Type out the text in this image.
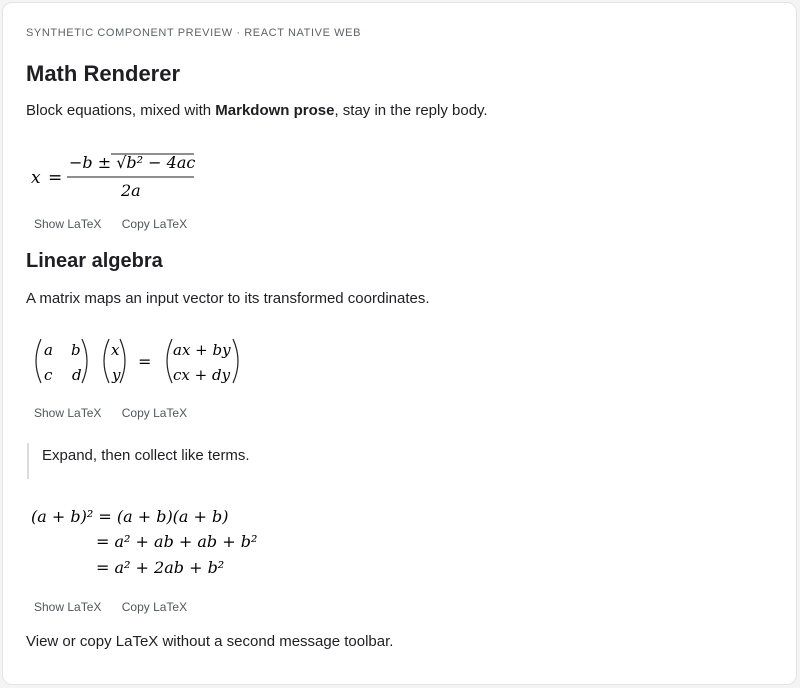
SYNTHETIC COMPONENT PREVIEW · REACT NATIVE WEB
Math Renderer
Block equations, mixed with Markdown prose, stay in the reply body.
x =
−b ± √b² − 4ac
2a
Show LaTeX Copy LaTeX
Linear algebra
A matrix maps an input vector to its transformed coordinates.
a b
c d
x
y
=
ax + by
cx + dy
Show LaTeX Copy LaTeX
Expand, then collect like terms.
(a + b)² = (a + b)(a + b)
= a² + ab + ab + b²
= a² + 2ab + b²
Show LaTeX Copy LaTeX
View or copy LaTeX without a second message toolbar.
